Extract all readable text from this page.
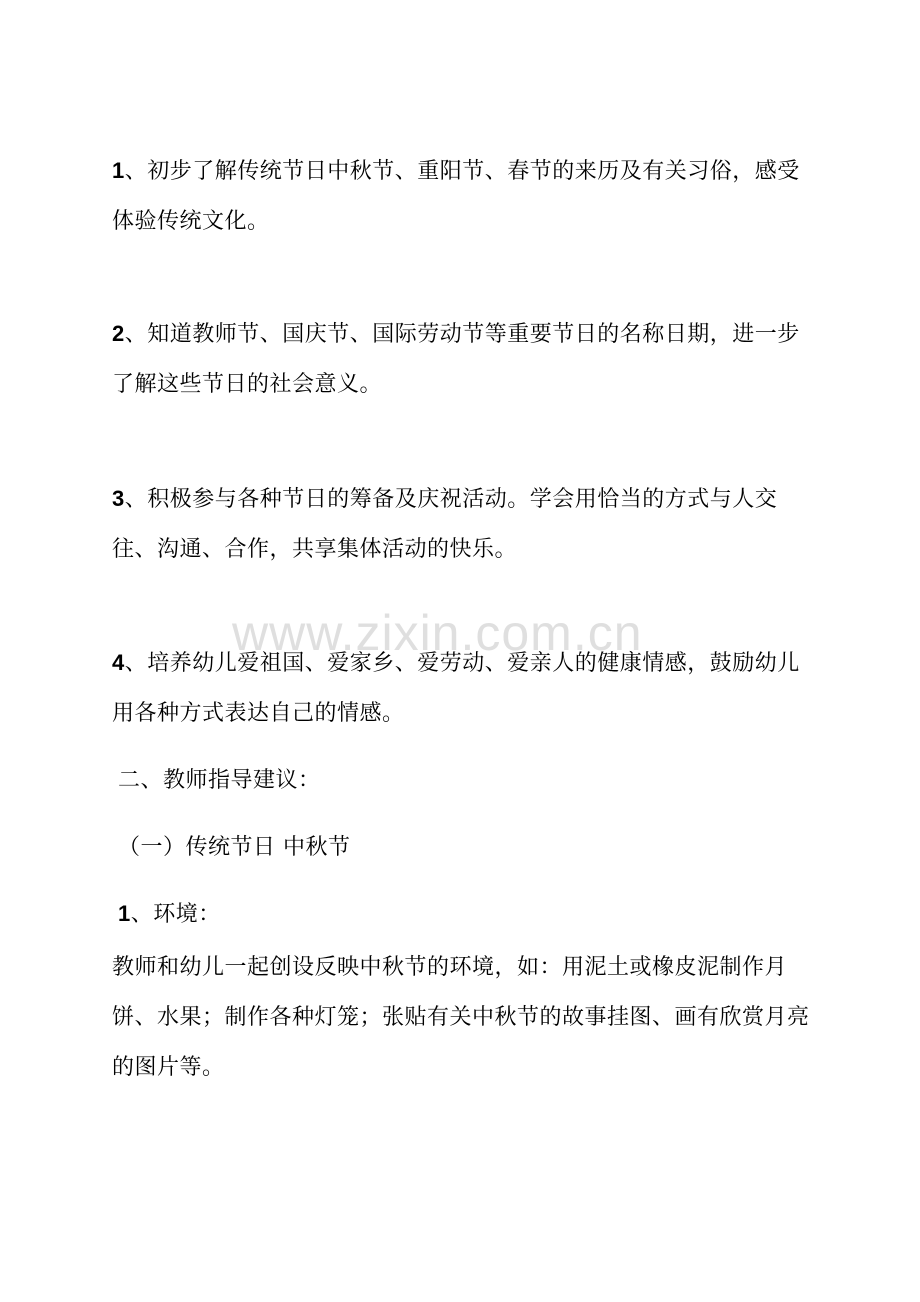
1、初步了解传统节日中秋节、重阳节、春节的来历及有关习俗，感受体验传统文化。

2、知道教师节、国庆节、国际劳动节等重要节日的名称日期，进一步了解这些节日的社会意义。

3、积极参与各种节日的筹备及庆祝活动。学会用恰当的方式与人交往、沟通、合作，共享集体活动的快乐。

www.zixin.com.cn

4、培养幼儿爱祖国、爱家乡、爱劳动、爱亲人的健康情感，鼓励幼儿用各种方式表达自己的情感。

二、教师指导建议：

（一）传统节日 中秋节

1、环境：

教师和幼儿一起创设反映中秋节的环境，如：用泥土或橡皮泥制作月饼、水果；制作各种灯笼；张贴有关中秋节的故事挂图、画有欣赏月亮的图片等。
